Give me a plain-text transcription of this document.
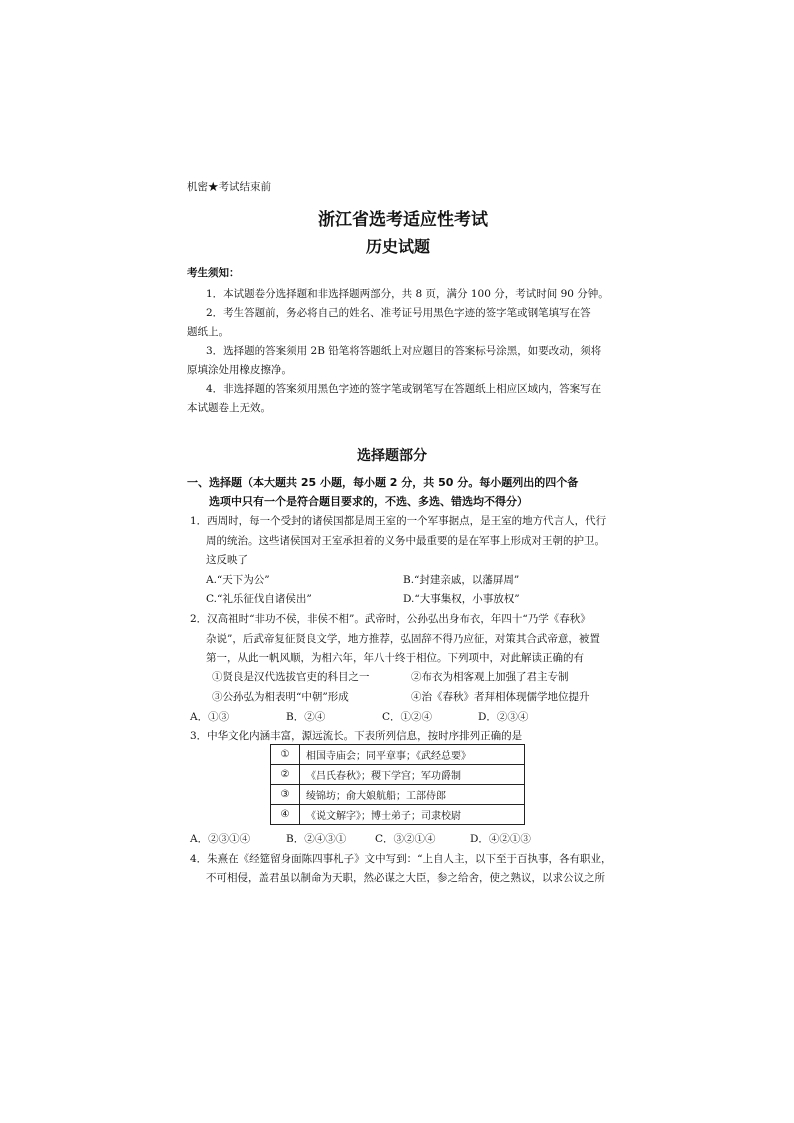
机密★考试结束前
浙江省选考适应性考试
历史试题
考生须知：
1．本试题卷分选择题和非选择题两部分，共 8 页，满分 100 分，考试时间 90 分钟。
2．考生答题前，务必将自己的姓名、准考证号用黑色字迹的签字笔或钢笔填写在答
题纸上。
3．选择题的答案须用 2B 铅笔将答题纸上对应题目的答案标号涂黑，如要改动，须将
原填涂处用橡皮擦净。
4．非选择题的答案须用黑色字迹的签字笔或钢笔写在答题纸上相应区域内，答案写在
本试题卷上无效。
选择题部分
一、选择题（本大题共 25 小题，每小题 2 分，共 50 分。每小题列出的四个备
选项中只有一个是符合题目要求的，不选、多选、错选均不得分）
1．西周时，每一个受封的诸侯国都是周王室的一个军事据点，是王室的地方代言人，代行
周的统治。这些诸侯国对王室承担着的义务中最重要的是在军事上形成对王朝的护卫。
这反映了
A.“天下为公”	B.“封建亲戚，以藩屏周”
C.“礼乐征伐自诸侯出”	D.“大事集权，小事放权”
2．汉高祖时“非功不侯，非侯不相”。武帝时，公孙弘出身布衣，年四十“乃学《春秋》
杂说”，后武帝复征贤良文学，地方推荐，弘固辞不得乃应征，对策其合武帝意，被置
第一，从此一帆风顺，为相六年，年八十终于相位。下列项中，对此解读正确的有
①贤良是汉代选拔官吏的科目之一	②布衣为相客观上加强了君主专制
③公孙弘为相表明“中朝”形成	④治《春秋》者拜相体现儒学地位提升
A．①③	B．②④	C．①②④	D．②③④
3．中华文化内涵丰富，源远流长。下表所列信息，按时序排列正确的是
①	相国寺庙会；同平章事；《武经总要》
②	《吕氏春秋》；稷下学宫；军功爵制
③	绫锦坊；俞大娘航船；工部侍郎
④	《说文解字》；博士弟子；司隶校尉
A．②③①④	B．②④③①	C．③②①④	D．④②①③
4．朱熹在《经筵留身面陈四事札子》文中写到：“上自人主，以下至于百执事，各有职业，
不可相侵，盖君虽以制命为天职，然必谋之大臣，参之给舍，使之熟议，以求公议之所
